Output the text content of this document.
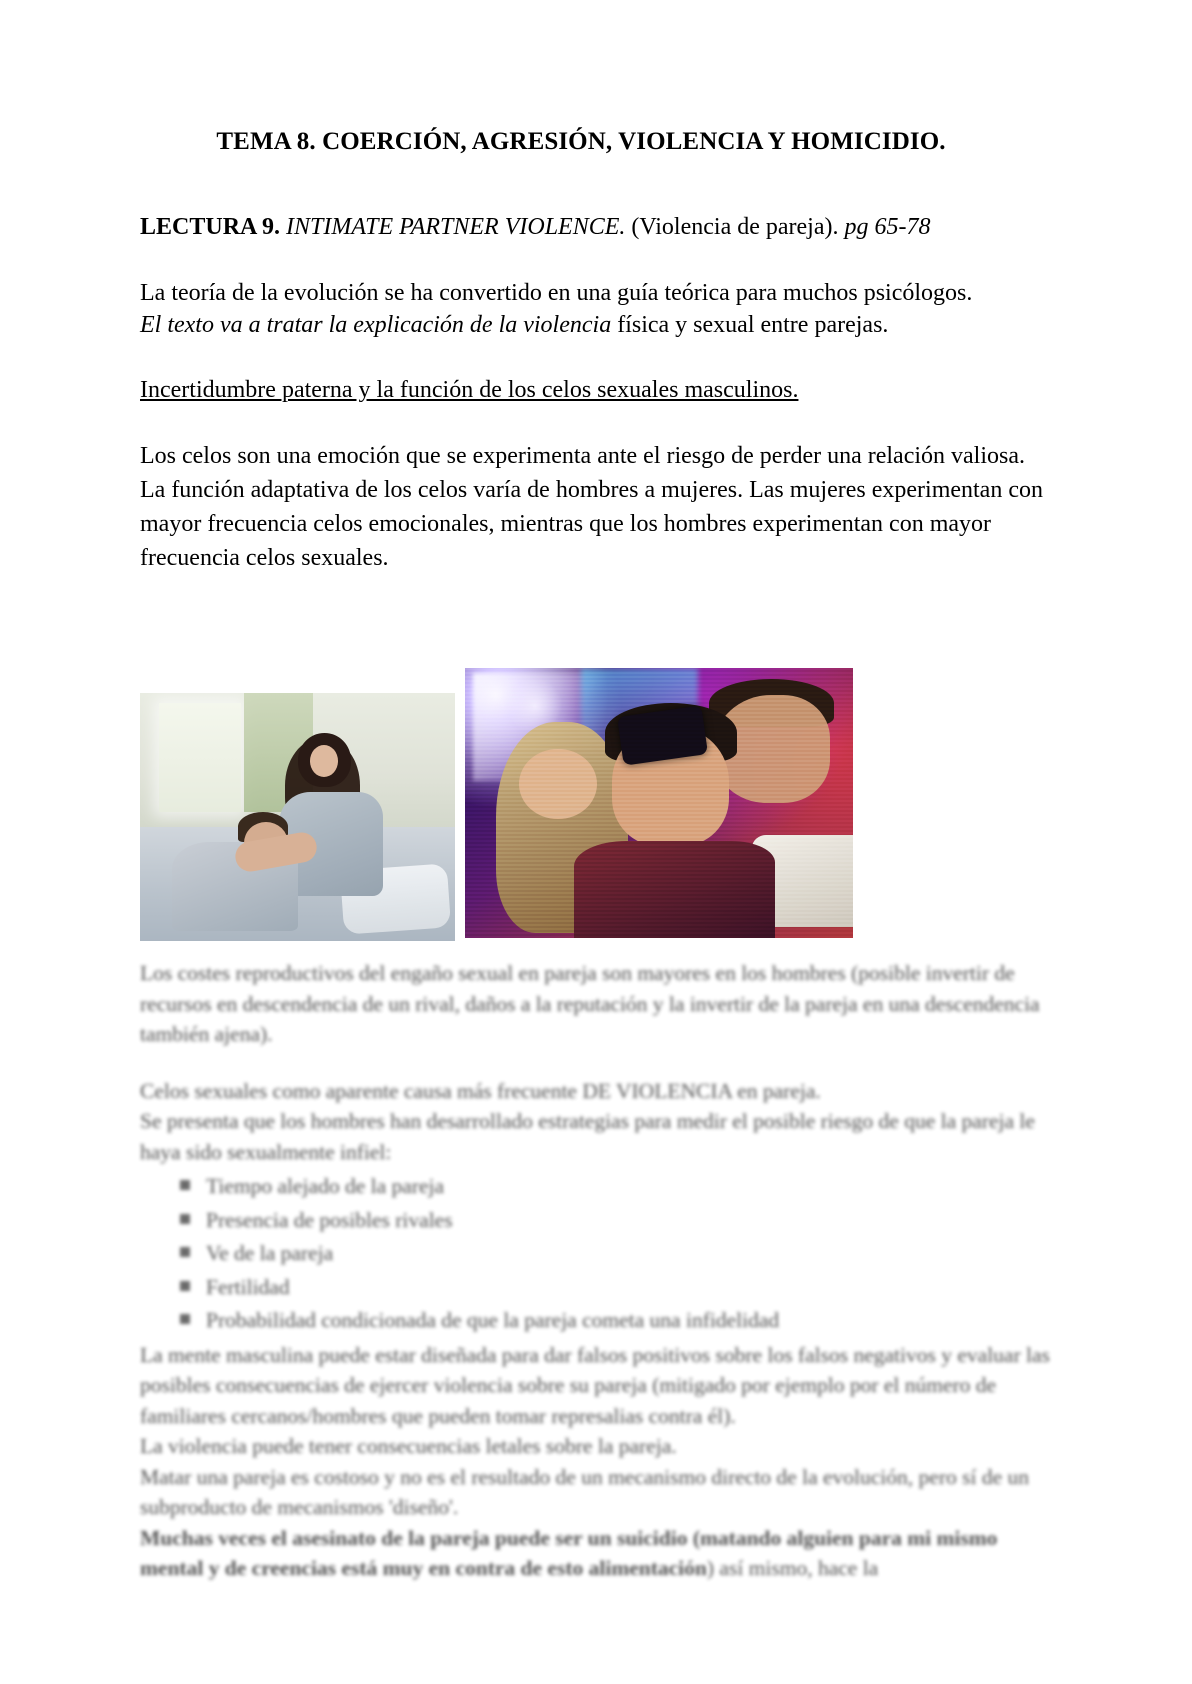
TEMA 8. COERCIÓN, AGRESIÓN, VIOLENCIA Y HOMICIDIO.

LECTURA 9. INTIMATE PARTNER VIOLENCE. (Violencia de pareja). pg 65-78

La teoría de la evolución se ha convertido en una guía teórica para muchos psicólogos.
El texto va a tratar la explicación de la violencia física y sexual entre parejas.

Incertidumbre paterna y la función de los celos sexuales masculinos.

Los celos son una emoción que se experimenta ante el riesgo de perder una relación valiosa. La función adaptativa de los celos varía de hombres a mujeres. Las mujeres experimentan con mayor frecuencia celos emocionales, mientras que los hombres experimentan con mayor frecuencia celos sexuales.

Los costes reproductivos del engaño sexual en pareja son mayores en los hombres (posible invertir de recursos en descendencia de un rival, daños a la reputación y la invertir de la pareja en una descendencia también ajena).

Celos sexuales como aparente causa más frecuente DE VIOLENCIA en pareja.

Se presenta que los hombres han desarrollado estrategias para medir el posible riesgo de que la pareja le haya sido sexualmente infiel:

Tiempo alejado de la pareja
Presencia de posibles rivales
Ve de la pareja
Fertilidad
Probabilidad condicionada de que la pareja cometa una infidelidad

La mente masculina puede estar diseñada para dar falsos positivos sobre los falsos negativos y evaluar las posibles consecuencias de ejercer violencia sobre su pareja (mitigado por ejemplo por el número de familiares cercanos/hombres que pueden tomar represalias contra él).

La violencia puede tener consecuencias letales sobre la pareja.

Matar una pareja es costoso y no es el resultado de un mecanismo directo de la evolución, pero sí de un subproducto de mecanismos 'diseño'.

Muchas veces el asesinato de la pareja puede ser un suicidio (matando alguien para mi mismo mental y de creencias está muy en contra de esto alimentación) así mismo, hace la
